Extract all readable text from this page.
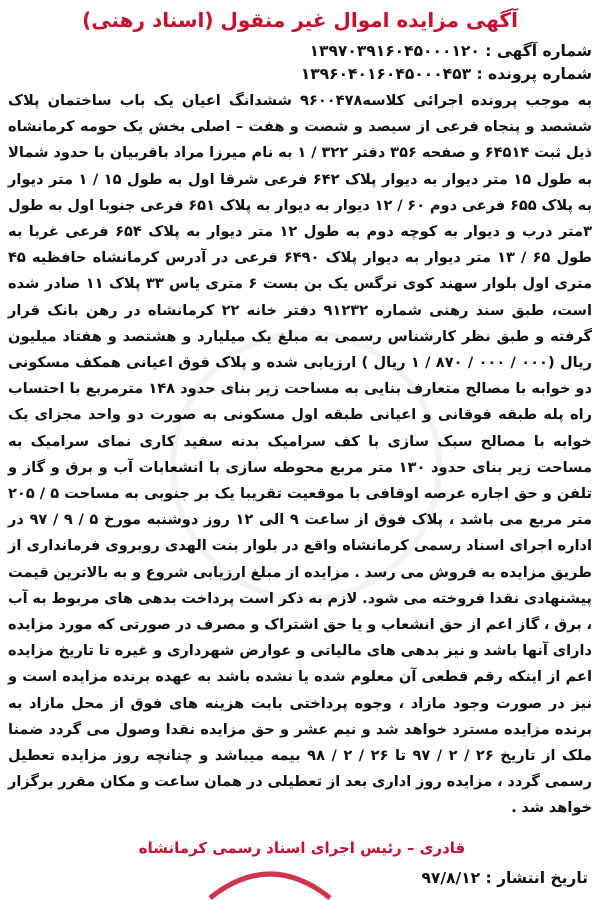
آگهی مزایده اموال غیر منقول (اسناد رهنی)
شماره آگهی : ۱۳۹۷۰۳۹۱۶۰۴۵۰۰۰۱۲۰
شماره پرونده : ۱۳۹۶۰۴۰۱۶۰۴۵۰۰۰۴۵۳
به موجب پرونده اجرائی کلاسه۹۶۰۰۴۷۸ ششدانگ اعیان یک باب ساختمان پلاک ششصد و پنجاه فرعی از سیصد و شصت و هفت – اصلی بخش یک حومه کرمانشاه ذیل ثبت ۶۴۵۱۴ و صفحه ۳۵۶ دفتر ۳۲۲ / ۱ به نام میرزا مراد باقربیان با حدود شمالا به طول ۱۵ متر دیوار به دیوار پلاک ۶۴۲ فرعی شرقا اول به طول ۱۵ / ۱ متر دیوار به پلاک ۶۵۵ فرعی دوم ۶۰ / ۱۲ دیوار به دیوار به پلاک ۶۵۱ فرعی جنوبا اول به طول ۳متر درب و دیوار به کوچه دوم به طول ۱۲ متر دیوار به پلاک ۶۵۴ فرعی غربا به طول ۶۵ / ۱۳ متر دیوار به دیوار پلاک ۶۴۹۰ فرعی در آدرس کرمانشاه حافظیه ۴۵ متری اول بلوار سهند کوی نرگس یک بن بست ۶ متری یاس ۳۳ پلاک ۱۱ صادر شده است، طبق سند رهنی شماره ۹۱۲۳۲ دفتر خانه ۲۲ کرمانشاه در رهن بانک قرار گرفته و طبق نظر کارشناس رسمی به مبلغ یک میلیارد و هشتصد و هفتاد میلیون ریال (۰۰۰ / ۰۰۰ / ۸۷۰ / ۱ ریال ) ارزیابی شده و پلاک فوق اعیانی همکف مسکونی دو خوابه با مصالح متعارف بنایی به مساحت زیر بنای حدود ۱۴۸ مترمربع با احتساب راه پله طبقه فوقانی و اعیانی طبقه اول مسکونی به صورت دو واحد مجزای یک خوابه با مصالح سبک سازی با کف سرامیک بدنه سفید کاری نمای سرامیک به مساحت زیر بنای حدود ۱۳۰ متر مربع محوطه سازی با انشعابات آب و برق و گاز و تلفن و حق اجاره عرصه اوقافی با موقعیت تقریبا یک بر جنوبی به مساحت ۵ / ۲۰۵ متر مربع می باشد ، پلاک فوق از ساعت ۹ الی ۱۲ روز دوشنبه مورخ ۵ / ۹ / ۹۷ در اداره اجرای اسناد رسمی کرمانشاه واقع در بلوار بنت الهدی روبروی فرمانداری از طریق مزایده به فروش می رسد . مزایده از مبلغ ارزیابی شروع و به بالاترین قیمت پیشنهادی نقدا فروخته می شود. لازم به ذکر است پرداخت بدهی های مربوط به آب ، برق ، گاز اعم از حق انشعاب و یا حق اشتراک و مصرف در صورتی که مورد مزایده دارای آنها باشد و نیز بدهی های مالیاتی و عوارض شهرداری و غیره تا تاریخ مزایده اعم از اینکه رقم قطعی آن معلوم شده یا نشده باشد به عهده برنده مزایده است و نیز در صورت وجود مازاد ، وجوه پرداختی بابت هزینه های فوق از محل مازاد به برنده مزایده مسترد خواهد شد و نیم عشر و حق مزایده نقدا وصول می گردد ضمنا ملک از تاریخ ۲۶ / ۲ / ۹۷ تا ۲۶ / ۲ / ۹۸ بیمه میباشد و چنانچه روز مزایده تعطیل رسمی گردد ، مزایده روز اداری بعد از تعطیلی در همان ساعت و مکان مقرر برگزار خواهد شد .
قادری – رئیس اجرای اسناد رسمی کرمانشاه
تاریخ انتشار : ۹۷/۸/۱۲
